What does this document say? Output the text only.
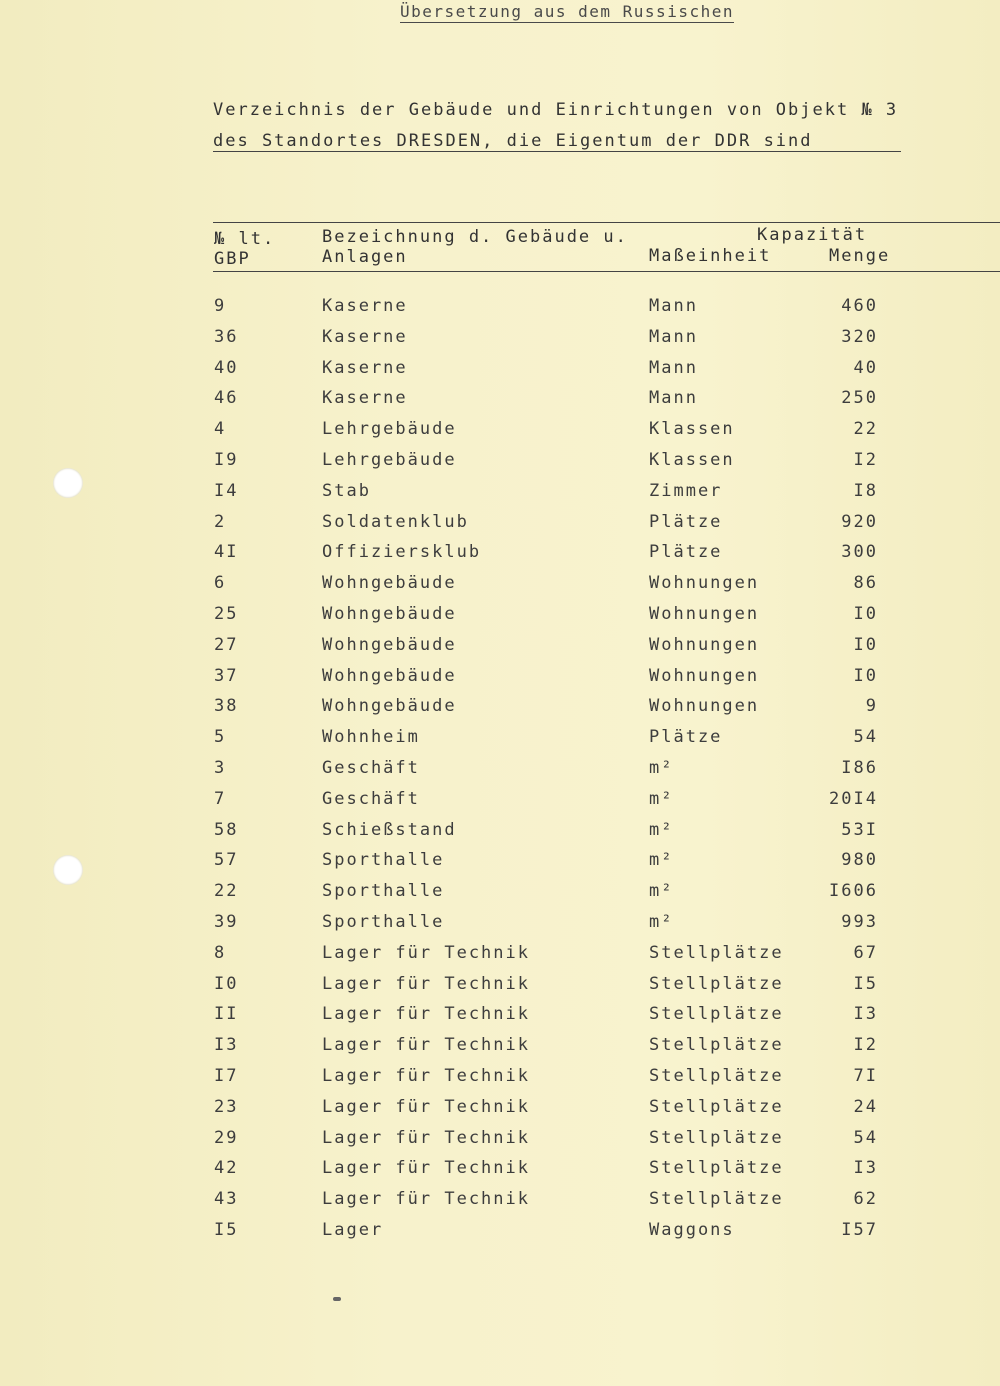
Übersetzung aus dem Russischen
Verzeichnis der Gebäude und Einrichtungen von Objekt № 3
des Standortes DRESDEN, die Eigentum der DDR sind
№ lt.
GBP
Bezeichnung d. Gebäude u.
Anlagen
Kapazität
Maßeinheit	Menge
9	Kaserne	Mann	460
36	Kaserne	Mann	320
40	Kaserne	Mann	40
46	Kaserne	Mann	250
4	Lehrgebäude	Klassen	22
I9	Lehrgebäude	Klassen	I2
I4	Stab	Zimmer	I8
2	Soldatenklub	Plätze	920
4I	Offiziersklub	Plätze	300
6	Wohngebäude	Wohnungen	86
25	Wohngebäude	Wohnungen	I0
27	Wohngebäude	Wohnungen	I0
37	Wohngebäude	Wohnungen	I0
38	Wohngebäude	Wohnungen	9
5	Wohnheim	Plätze	54
3	Geschäft	m²	I86
7	Geschäft	m²	20I4
58	Schießstand	m²	53I
57	Sporthalle	m²	980
22	Sporthalle	m²	I606
39	Sporthalle	m²	993
8	Lager für Technik	Stellplätze	67
I0	Lager für Technik	Stellplätze	I5
II	Lager für Technik	Stellplätze	I3
I3	Lager für Technik	Stellplätze	I2
I7	Lager für Technik	Stellplätze	7I
23	Lager für Technik	Stellplätze	24
29	Lager für Technik	Stellplätze	54
42	Lager für Technik	Stellplätze	I3
43	Lager für Technik	Stellplätze	62
I5	Lager	Waggons	I57
